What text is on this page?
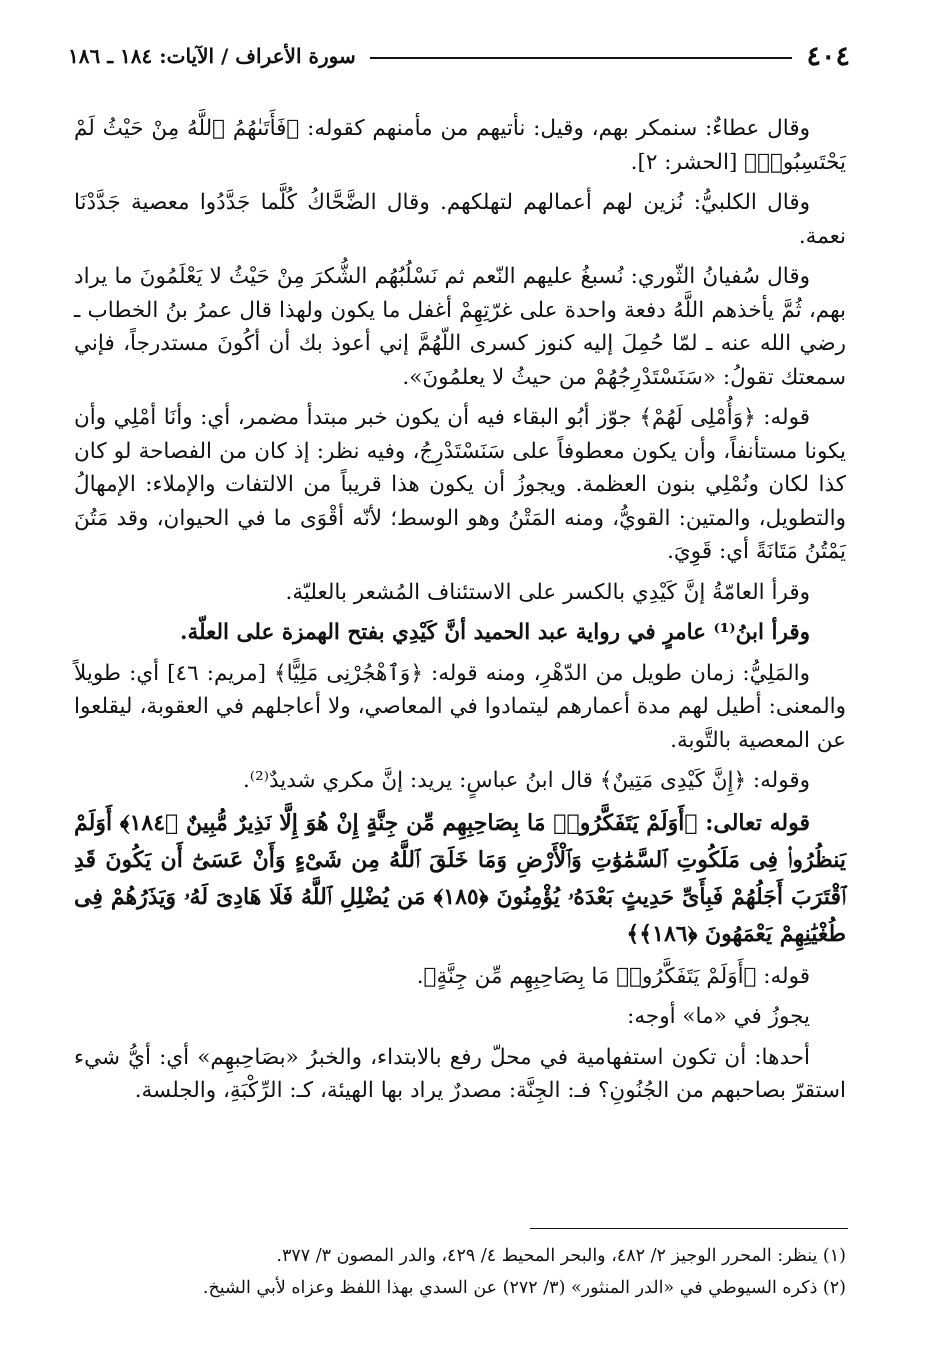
٤٠٤
سورة الأعراف / الآيات: ١٨٤ ـ ١٨٦

وقال عطاءٌ: سنمكر بهم، وقيل: نأتيهم من مأمنهم كقوله: ﴿فَأَتَىٰهُمُ ٱللَّهُ مِنْ حَيْثُ لَمْ يَحْتَسِبُوا۟﴾ [الحشر: ٢].

وقال الكلبيُّ: نُزين لهم أعمالهم لتهلكهم. وقال الضَّحَّاكُ كُلَّما جَدَّدُوا معصية جَدَّدْنَا نعمة.

وقال سُفيانُ الثّوري: نُسبغُ عليهم النّعم ثم نَسْلُبُهُم الشُّكرَ مِنْ حَيْثُ لا يَعْلَمُونَ ما يراد بهم، ثُمَّ يأخذهم اللَّهُ دفعة واحدة على غرّتِهِمْ أغفل ما يكون ولهذا قال عمرُ بنُ الخطاب ـ رضي الله عنه ـ لمّا حُمِلَ إليه كنوز كسرى اللّهُمَّ إني أعوذ بك أن أكُونَ مستدرجاً، فإني سمعتك تقولُ: «سَنَسْتَدْرِجُهُمْ من حيثُ لا يعلمُونَ».

قوله: ﴿وَأُمْلِى لَهُمْ﴾ جوّز أبُو البقاء فيه أن يكون خبر مبتدأ مضمر، أي: وأنَا أمْلِي وأن يكونا مستأنفاً، وأن يكون معطوفاً على سَنَسْتَدْرِجُ، وفيه نظر: إذ كان من الفصاحة لو كان كذا لكان ونُمْلِي بنون العظمة. ويجوزُ أن يكون هذا قريباً من الالتفات والإملاء: الإمهالُ والتطويل، والمتين: القويُّ، ومنه المَتْنُ وهو الوسط؛ لأنّه أقْوَى ما في الحيوان، وقد مَتُنَ يَمْتُنُ مَتَانَةً أي: قَوِيَ.

وقرأ العامّةُ إنَّ كَيْدِي بالكسر على الاستئناف المُشعر بالعليّة.

وقرأ ابنُ⁽¹⁾ عامرٍ في رواية عبد الحميد أنَّ كَيْدِي بفتح الهمزة على العلّة.

والمَلِيُّ: زمان طويل من الدّهْرِ، ومنه قوله: ﴿وَٱهْجُرْنِى مَلِيًّا﴾ [مريم: ٤٦] أي: طويلاً والمعنى: أطيل لهم مدة أعمارهم ليتمادوا في المعاصي، ولا أعاجلهم في العقوبة، ليقلعوا عن المعصية بالتَّوبة.

وقوله: ﴿إِنَّ كَيْدِى مَتِينٌ﴾ قال ابنُ عباسٍ: يريد: إنَّ مكري شديدٌ⁽²⁾.

قوله تعالى: ﴿أَوَلَمْ يَتَفَكَّرُوا۟ مَا بِصَاحِبِهِم مِّن جِنَّةٍ إِنْ هُوَ إِلَّا نَذِيرٌ مُّبِينٌ ﴿١٨٤﴾ أَوَلَمْ يَنظُرُوا۟ فِى مَلَكُوتِ ٱلسَّمَٰوَٰتِ وَٱلْأَرْضِ وَمَا خَلَقَ ٱللَّهُ مِن شَىْءٍ وَأَنْ عَسَىٰٓ أَن يَكُونَ قَدِ ٱقْتَرَبَ أَجَلُهُمْ فَبِأَىِّ حَدِيثٍ بَعْدَهُۥ يُؤْمِنُونَ ﴿١٨٥﴾ مَن يُضْلِلِ ٱللَّهُ فَلَا هَادِىَ لَهُۥ وَيَذَرُهُمْ فِى طُغْيَٰنِهِمْ يَعْمَهُونَ ﴿١٨٦﴾﴾

قوله: ﴿أَوَلَمْ يَتَفَكَّرُوا۟ مَا بِصَاحِبِهِم مِّن جِنَّةٍ﴾.

يجوزُ في «ما» أوجه:

أحدها: أن تكون استفهامية في محلّ رفع بالابتداء، والخبرُ «بصَاحِبهِم» أي: أيُّ شيء استقرّ بصاحبهم من الجُنُونِ؟ فـ: الجِنَّة: مصدرٌ يراد بها الهيئة، كـ: الرِّكْبَةِ، والجلسة.

(١) ينظر: المحرر الوجيز ٢/ ٤٨٢، والبحر المحيط ٤/ ٤٢٩، والدر المصون ٣/ ٣٧٧.

(٢) ذكره السيوطي في «الدر المنثور» (٣/ ٢٧٢) عن السدي بهذا اللفظ وعزاه لأبي الشيخ.
